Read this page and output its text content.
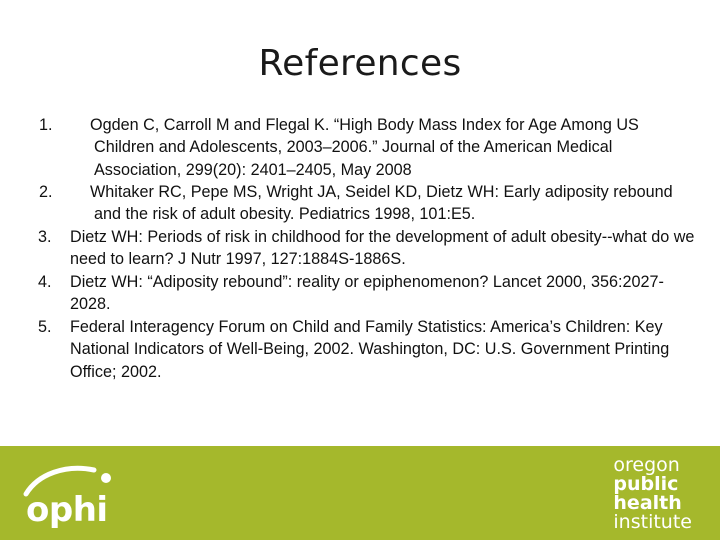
References
1.	Ogden C, Carroll M and Flegal K. “High Body Mass Index for Age Among US Children and Adolescents, 2003–2006.” Journal of the American Medical Association, 299(20): 2401–2405, May 2008
2.	Whitaker RC, Pepe MS, Wright JA, Seidel KD, Dietz WH: Early adiposity rebound and the risk of adult obesity. Pediatrics 1998, 101:E5.
3.	Dietz WH: Periods of risk in childhood for the development of adult obesity--what do we need to learn? J Nutr 1997, 127:1884S-1886S.
4.	Dietz WH: “Adiposity rebound”: reality or epiphenomenon? Lancet 2000, 356:2027-2028.
5.	Federal Interagency Forum on Child and Family Statistics: America’s Children: Key National Indicators of Well-Being, 2002. Washington, DC: U.S. Government Printing Office; 2002.
ophi
oregon
public
health
institute
